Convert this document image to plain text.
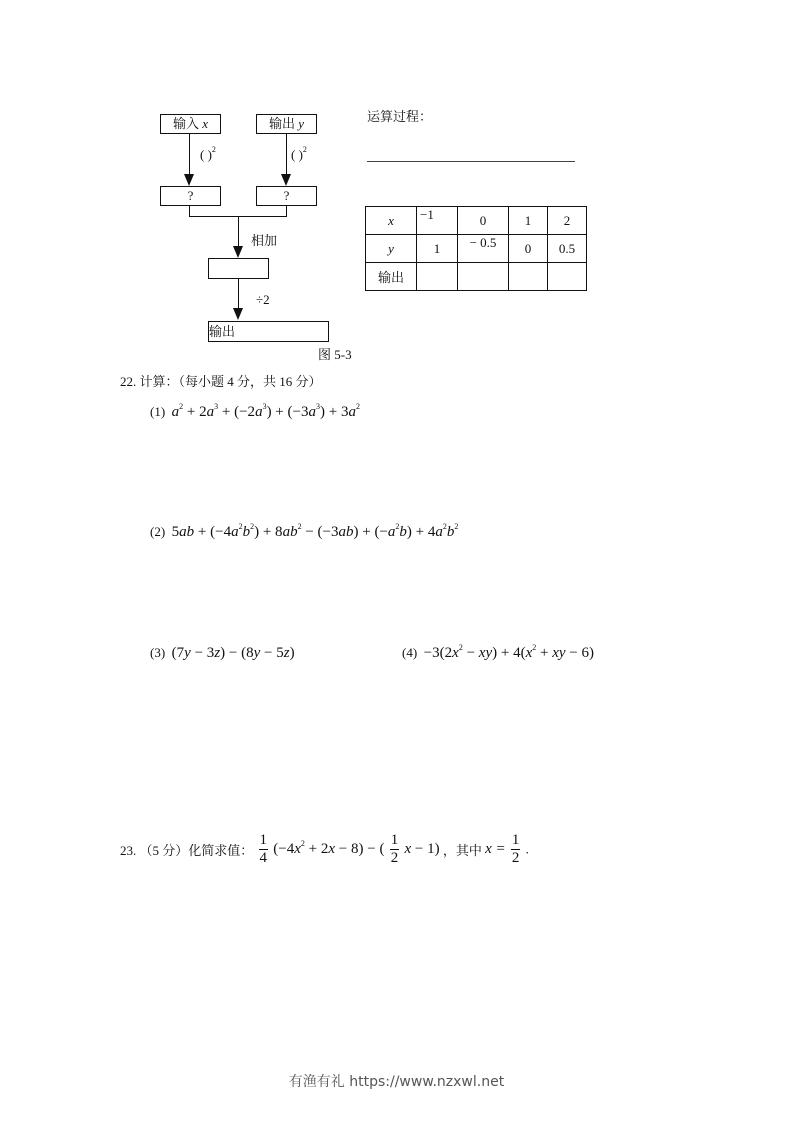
输入 x	输出 y
( )$^2$	( )$^2$
?	?
相加
÷2
输出
图 5-3
运算过程：
x	−1	0	1	2
y	1	− 0.5	0	0.5
输出				
22. 计算：（每小题 4 分，共 16 分）
(1) $a^2 + 2a^3 + (-2a^3) + (-3a^3) + 3a^2$
(2) $5ab + (-4a^2b^2) + 8ab^2 - (-3ab) + (-a^2b) + 4a^2b^2$
(3) (7y − 3z) − (8y − 5z)	$(4) -3(2x^2 - xy) + 4(x^2$ + xy − 6)
23. （5 分）化简求值： $\frac{1}{4} (-4x^2 + 2x - 8)$ − ( $\frac{1}{2}$ x − 1) ，其中 $x = \frac{1}{2}$ .
有渔有礼 https://www.nzxwl.net
